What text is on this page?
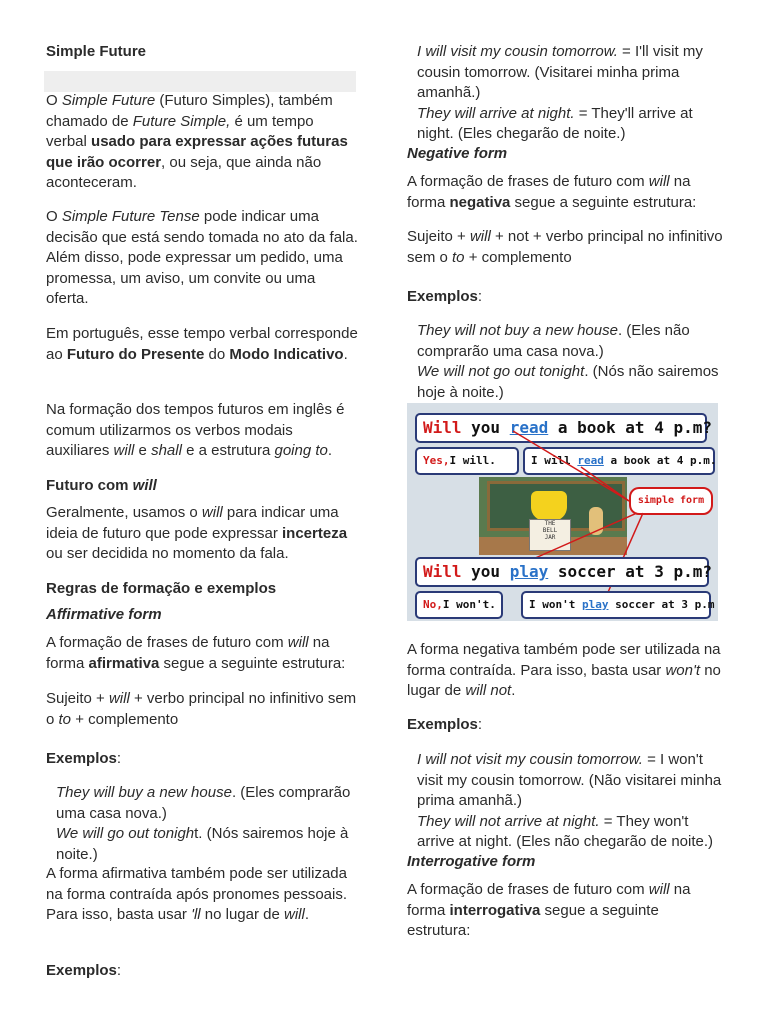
Simple Future

O Simple Future (Futuro Simples), também chamado de Future Simple, é um tempo verbal usado para expressar ações futuras que irão ocorrer, ou seja, que ainda não aconteceram.

O Simple Future Tense pode indicar uma decisão que está sendo tomada no ato da fala. Além disso, pode expressar um pedido, uma promessa, um aviso, um convite ou uma oferta.

Em português, esse tempo verbal corresponde ao Futuro do Presente do Modo Indicativo.

Na formação dos tempos futuros em inglês é comum utilizarmos os verbos modais auxiliares will e shall e a estrutura going to.

Futuro com will

Geralmente, usamos o will para indicar uma ideia de futuro que pode expressar incerteza ou ser decidida no momento da fala.

Regras de formação e exemplos

Affirmative form

A formação de frases de futuro com will na forma afirmativa segue a seguinte estrutura:

Sujeito + will + verbo principal no infinitivo sem o to + complemento

Exemplos:

They will buy a new house. (Eles comprarão uma casa nova.)
We will go out tonight. (Nós sairemos hoje à noite.)

A forma afirmativa também pode ser utilizada na forma contraída após pronomes pessoais. Para isso, basta usar 'll no lugar de will.

Exemplos:

I will visit my cousin tomorrow. = I'll visit my cousin tomorrow. (Visitarei minha prima amanhã.)
They will arrive at night. = They'll arrive at night. (Eles chegarão de noite.)

Negative form

A formação de frases de futuro com will na forma negativa segue a seguinte estrutura:

Sujeito + will + not + verbo principal no infinitivo sem o to + complemento

Exemplos:

They will not buy a new house. (Eles não comprarão uma casa nova.)
We will not go out tonight. (Nós não sairemos hoje à noite.)

A forma negativa também pode ser utilizada na forma contraída. Para isso, basta usar won't no lugar de will not.

Exemplos:

I will not visit my cousin tomorrow. = I won't visit my cousin tomorrow. (Não visitarei minha prima amanhã.)
They will not arrive at night. = They won't arrive at night. (Eles não chegarão de noite.)

Interrogative form

A formação de frases de futuro com will na forma interrogativa segue a seguinte estrutura:

Will you read a book at 4 p.m?
Yes,I will.	I will read a book at 4 p.m.
THE
BELL
JAR
simple form
Will you play soccer at 3 p.m?
No,I won't.	I won't play soccer at 3 p.m
